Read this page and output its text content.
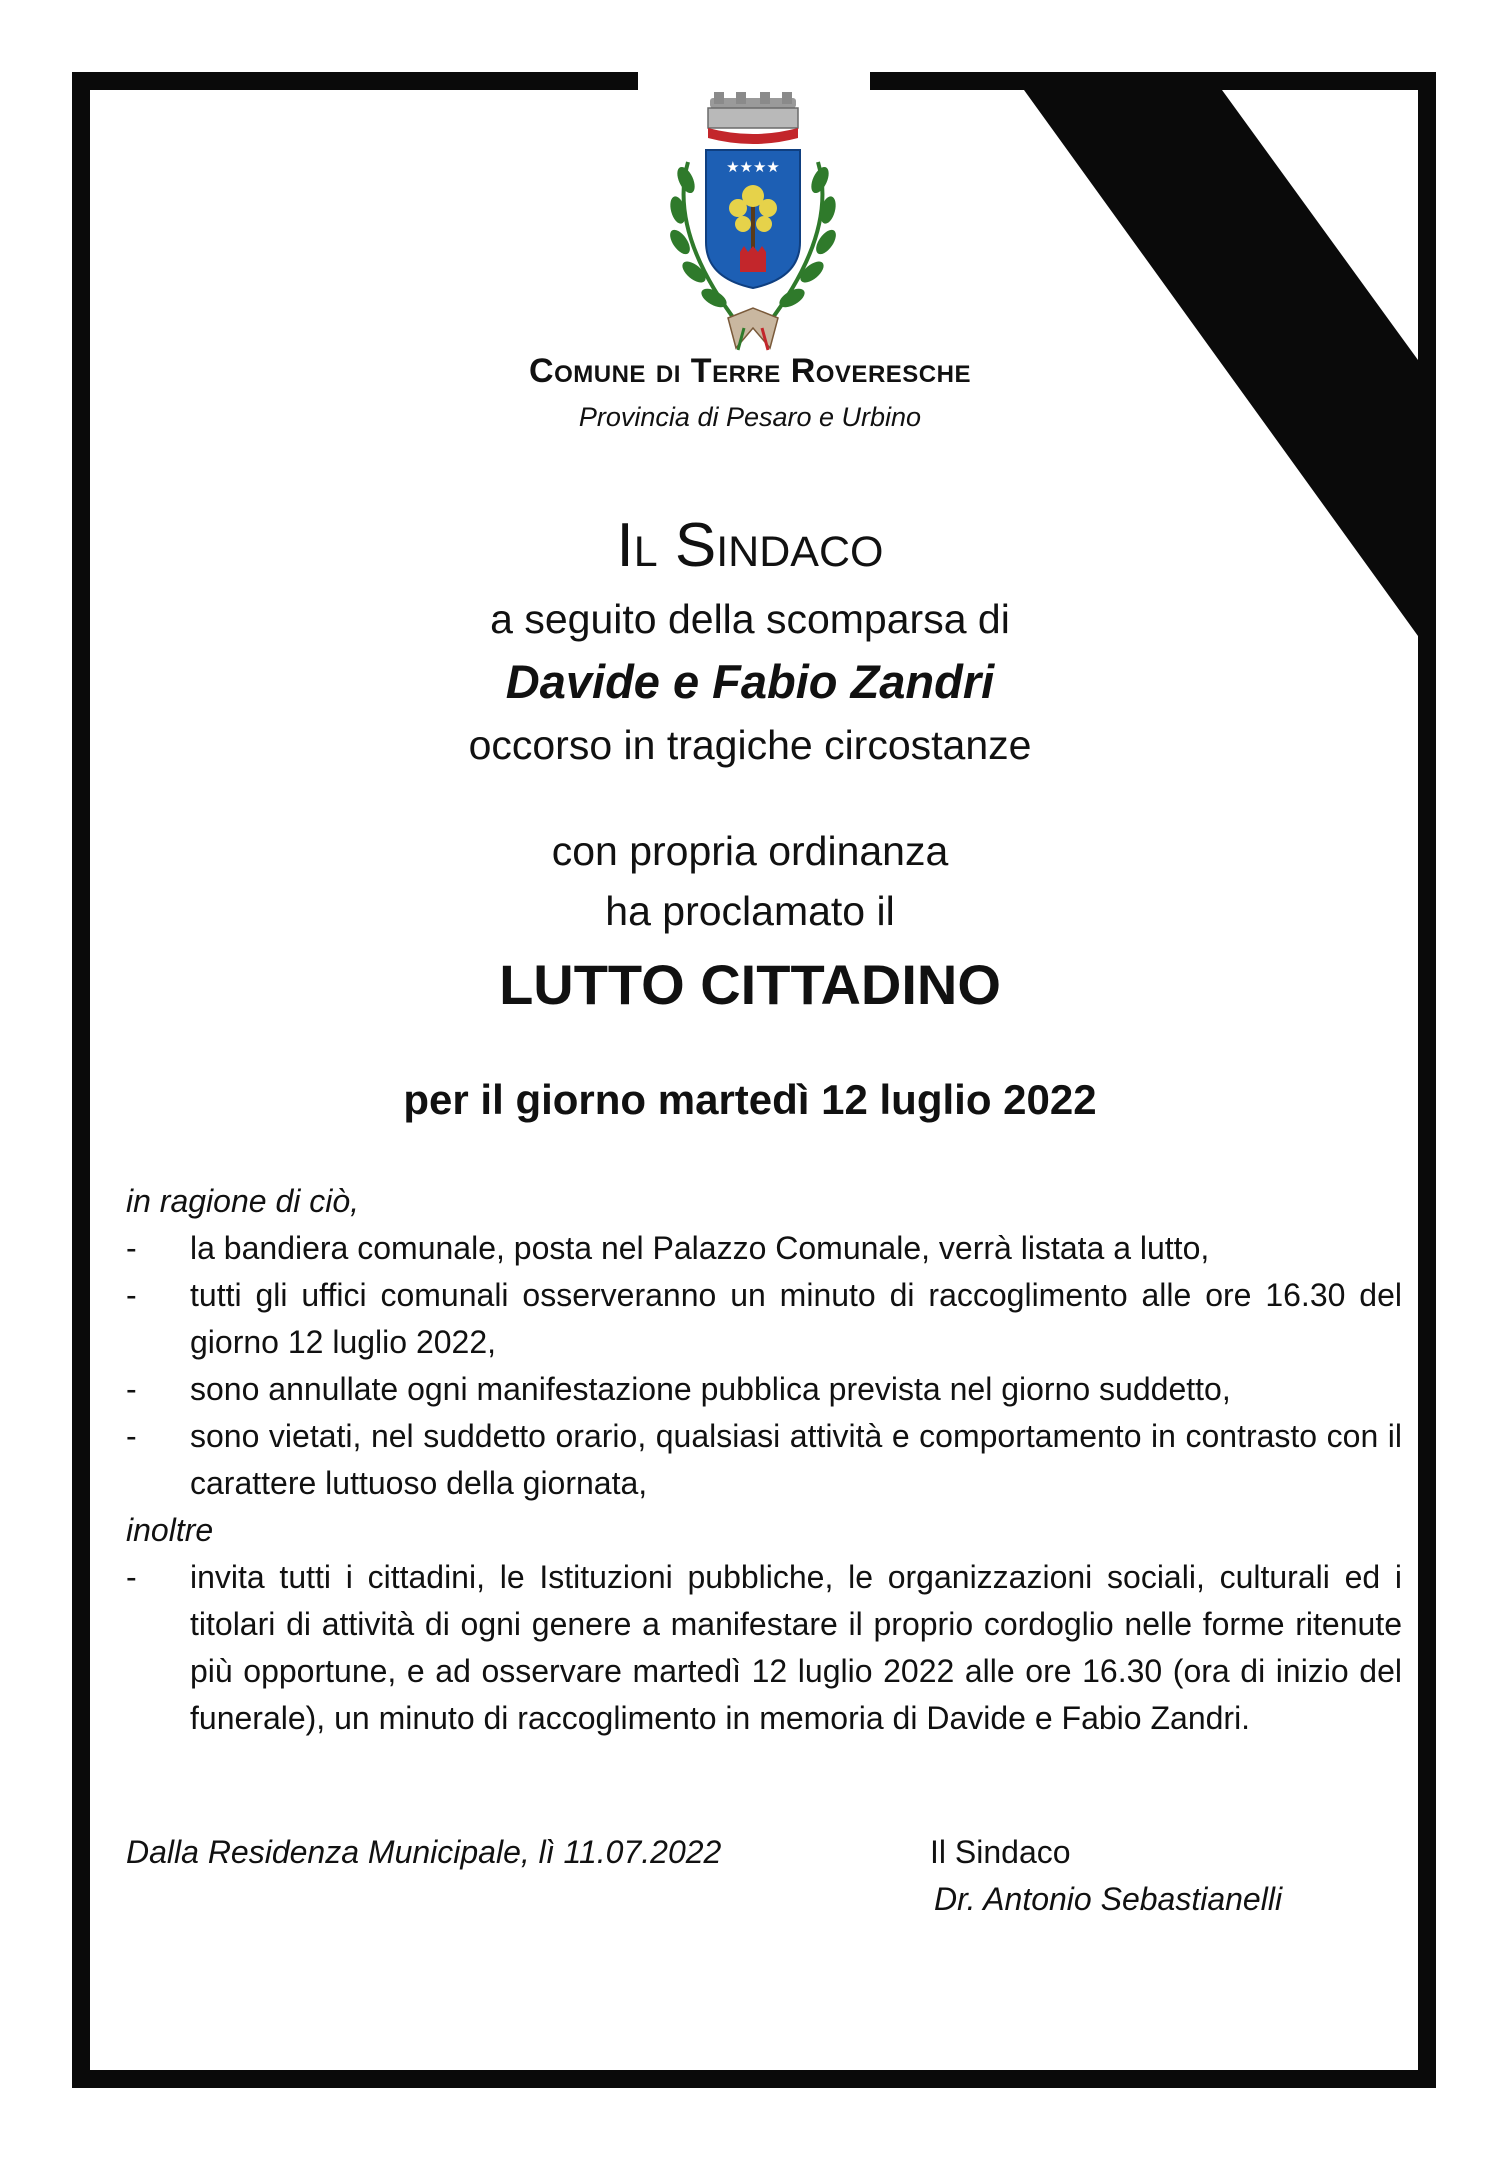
★★★★
Comune di Terre Roveresche
Provincia di Pesaro e Urbino
Il Sindaco
a seguito della scomparsa di
Davide e Fabio Zandri
occorso in tragiche circostanze
con propria ordinanza
ha proclamato il
LUTTO CITTADINO
per il giorno martedì 12 luglio 2022
in ragione di ciò,
- la bandiera comunale, posta nel Palazzo Comunale, verrà listata a lutto,
- tutti gli uffici comunali osserveranno un minuto di raccoglimento alle ore 16.30 del giorno 12 luglio 2022,
- sono annullate ogni manifestazione pubblica prevista nel giorno suddetto,
- sono vietati, nel suddetto orario, qualsiasi attività e comportamento in contrasto con il carattere luttuoso della giornata,
inoltre
- invita tutti i cittadini, le Istituzioni pubbliche, le organizzazioni sociali, culturali ed i titolari di attività di ogni genere a manifestare il proprio cordoglio nelle forme ritenute più opportune, e ad osservare martedì 12 luglio 2022 alle ore 16.30 (ora di inizio del funerale), un minuto di raccoglimento in memoria di Davide e Fabio Zandri.
Dalla Residenza Municipale, lì 11.07.2022	Il Sindaco
Dr. Antonio Sebastianelli
